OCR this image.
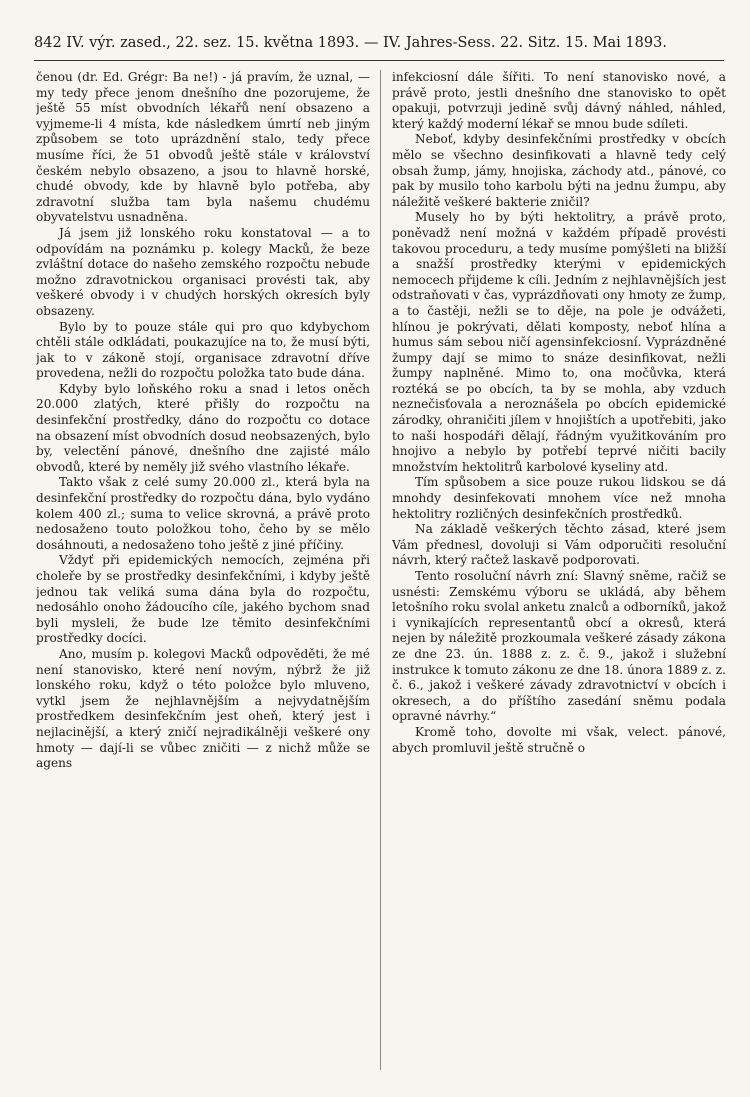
842 IV. výr. zased., 22. sez. 15. května 1893. — IV. Jahres-Sess. 22. Sitz. 15. Mai 1893.

čenou (dr. Ed. Grégr: Ba ne!) - já pravím, že uznal, — my tedy přece jenom dnešního dne pozorujeme, že ještě 55 míst obvodních lékařů není obsazeno a vyjmeme-li 4 místa, kde následkem úmrtí neb jiným způsobem se toto uprázdnění stalo, tedy přece musíme říci, že 51 obvodů ještě stále v království českém nebylo obsazeno, a jsou to hlavně horské, chudé obvody, kde by hlavně bylo potřeba, aby zdravotní služba tam byla našemu chudému obyvatelstvu usnadněna.

Já jsem již lonského roku konstatoval — a to odpovídám na poznámku p. kolegy Macků, že beze zvláštní dotace do našeho zemského rozpočtu nebude možno zdravotnickou organisaci provésti tak, aby veškeré obvody i v chudých horských okresích byly obsazeny.

Bylo by to pouze stále qui pro quo kdybychom chtěli stále odkládati, poukazujíce na to, že musí býti, jak to v zákoně stojí, organisace zdravotní dříve provedena, nežli do rozpočtu položka tato bude dána.

Kdyby bylo loňského roku a snad i letos oněch 20.000 zlatých, které přišly do rozpočtu na desinfekční prostředky, dáno do rozpočtu co dotace na obsazení míst obvodních dosud neobsazených, bylo by, velectění pánové, dnešního dne zajisté málo obvodů, které by neměly již svého vlastního lékaře.

Takto však z celé sumy 20.000 zl., která byla na desinfekční prostředky do rozpočtu dána, bylo vydáno kolem 400 zl.; suma to velice skrovná, a právě proto nedosaženo touto položkou toho, čeho by se mělo dosáhnouti, a nedosaženo toho ještě z jiné příčiny.

Vždyť při epidemických nemocích, zejména při choleře by se prostředky desinfekčními, i kdyby ještě jednou tak veliká suma dána byla do rozpočtu, nedosáhlo onoho žádoucího cíle, jakého bychom snad byli mysleli, že bude lze těmito desinfekčními prostředky docíci.

Ano, musím p. kolegovi Macků odpověděti, že mé není stanovisko, které není novým, nýbrž že již lonského roku, když o této položce bylo mluveno, vytkl jsem že nejhlavnějším a nejvydatnějším prostředkem desinfekčním jest oheň, který jest i nejlacinější, a který zničí nejradikálněji veškeré ony hmoty — dají-li se vůbec zničiti — z nichž může se agens

infekciosní dále šířiti. To není stanovisko nové, a právě proto, jestli dnešního dne stanovisko to opět opakuji, potvrzuji jedině svůj dávný náhled, náhled, který každý moderní lékař se mnou bude sdíleti.

Neboť, kdyby desinfekčními prostředky v obcích mělo se všechno desinfikovati a hlavně tedy celý obsah žump, jámy, hnojiska, záchody atd., pánové, co pak by musilo toho karbolu býti na jednu žumpu, aby náležitě veškeré bakterie zničil?

Musely ho by býti hektolitry, a právě proto, poněvadž není možná v každém případě provésti takovou proceduru, a tedy musíme pomýšleti na bližší a snažší prostředky kterými v epidemických nemocech přijdeme k cíli. Jedním z nejhlavnějších jest odstraňovati v čas, vyprázdňovati ony hmoty ze žump, a to častěji, nežli se to děje, na pole je odvážeti, hlínou je pokrývati, dělati komposty, neboť hlína a humus sám sebou ničí agensinfekciosní. Vyprázdněné žumpy dají se mimo to snáze desinfikovat, nežli žumpy naplněné. Mimo to, ona močůvka, která roztéká se po obcích, ta by se mohla, aby vzduch neznečisťovala a neroznášela po obcích epidemické zárodky, ohraničiti jílem v hnojištích a upotřebiti, jako to naši hospodáři dělají, řádným využitkováním pro hnojivo a nebylo by potřebí teprvé ničiti bacily množstvím hektolitrů karbolové kyseliny atd.

Tím spůsobem a sice pouze rukou lidskou se dá mnohdy desinfekovati mnohem více než mnoha hektolitry rozličných desinfekčních prostředků.

Na základě veškerých těchto zásad, které jsem Vám přednesl, dovoluji si Vám odporučiti resoluční návrh, který račtež laskavě podporovati.

Tento rosoluční návrh zní: Slavný sněme, račiž se usnésti: Zemskému výboru se ukládá, aby během letošního roku svolal anketu znalců a odborníků, jakož i vynikajících representantů obcí a okresů, která nejen by náležitě prozkoumala veškeré zásady zákona ze dne 23. ún. 1888 z. z. č. 9., jakož i služební instrukce k tomuto zákonu ze dne 18. února 1889 z. z. č. 6., jakož i veškeré závady zdravotnictví v obcích i okresech, a do příštího zasedání sněmu podala opravné návrhy.“

Kromě toho, dovolte mi však, velect. pánové, abych promluvil ještě stručně o
